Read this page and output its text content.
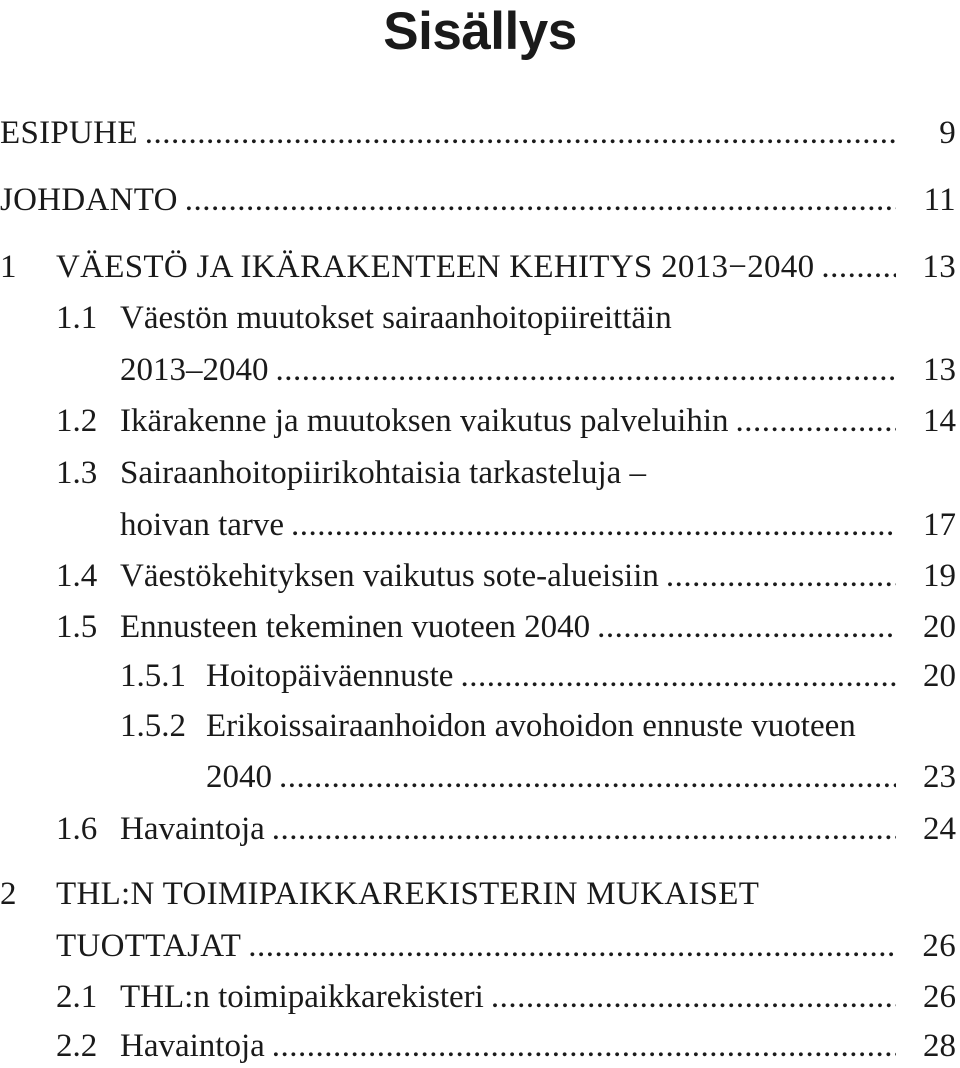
Sisällys
ESIPUHE .....	9
JOHDANTO .....	11
1 VÄESTÖ JA IKÄRAKENTEEN KEHITYS 2013−2040 .....	13
1.1 Väestön muutokset sairaanhoitopiireittäin
2013–2040 .....	13
1.2 Ikärakenne ja muutoksen vaikutus palveluihin .....	14
1.3 Sairaanhoitopiirikohtaisia tarkasteluja –
hoivan tarve .....	17
1.4 Väestökehityksen vaikutus sote-alueisiin .....	19
1.5 Ennusteen tekeminen vuoteen 2040 .....	20
1.5.1 Hoitopäiväennuste .....	20
1.5.2 Erikoissairaanhoidon avohoidon ennuste vuoteen
2040 .....	23
1.6 Havaintoja .....	24
2 THL:N TOIMIPAIKKAREKISTERIN MUKAISET
TUOTTAJAT .....	26
2.1 THL:n toimipaikkarekisteri .....	26
2.2 Havaintoja .....	28
